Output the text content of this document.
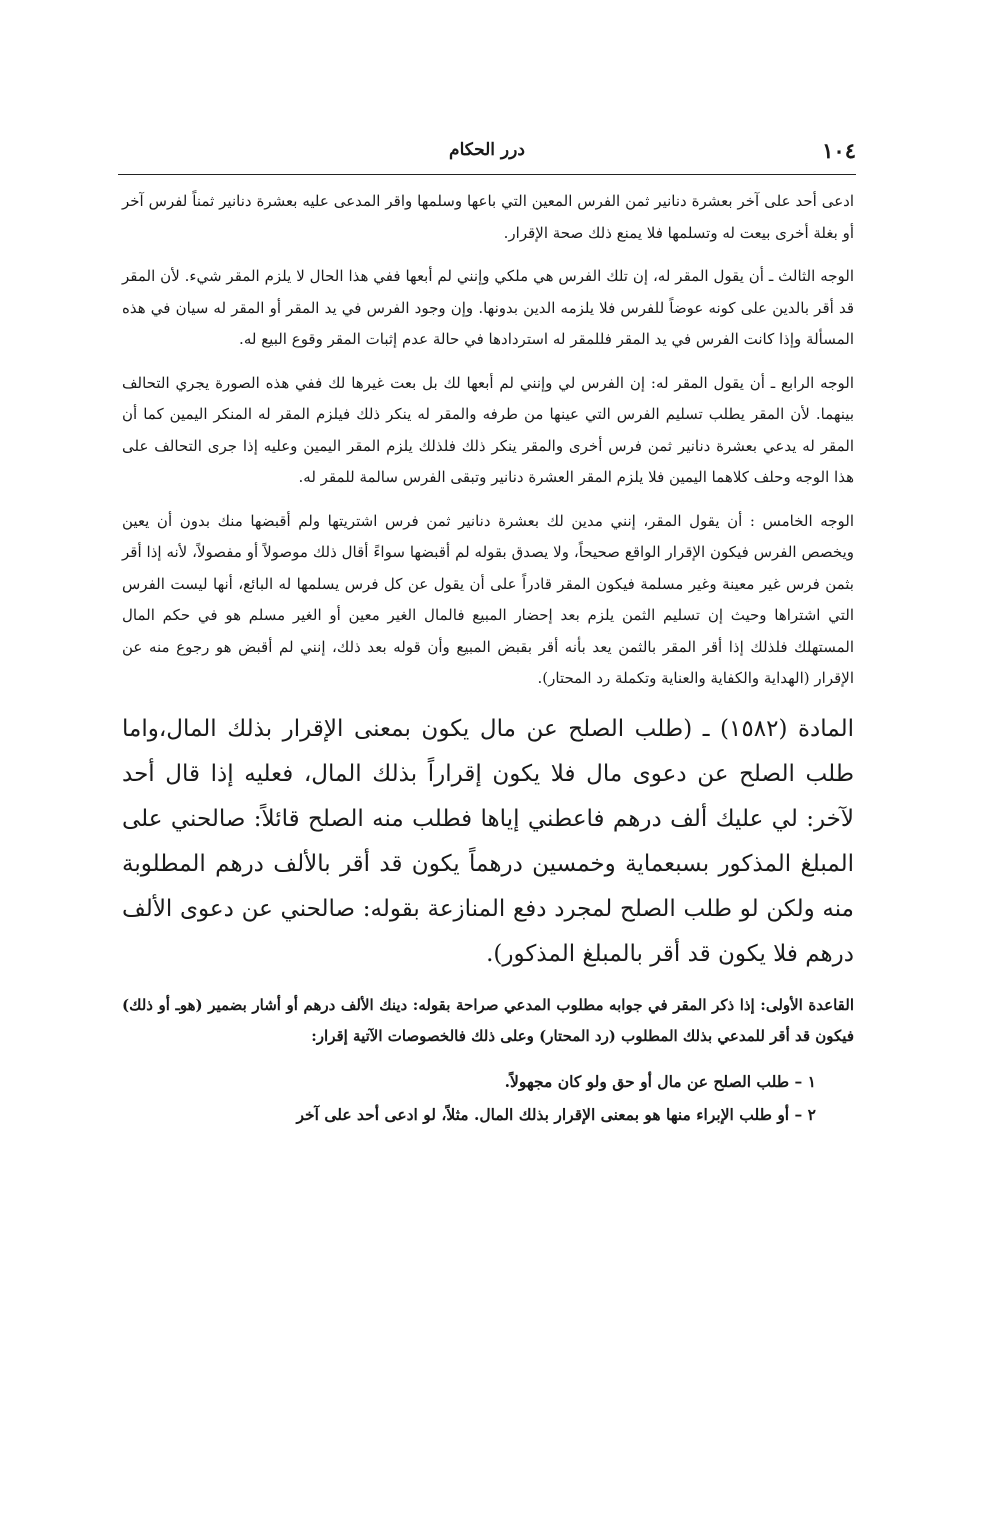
درر الحكام	١٠٤

ادعى أحد على آخر بعشرة دنانير ثمن الفرس المعين التي باعها وسلمها واقر المدعى عليه بعشرة دنانير ثمناً لفرس آخر أو بغلة أخرى بيعت له وتسلمها فلا يمنع ذلك صحة الإقرار.

الوجه الثالث ـ أن يقول المقر له، إن تلك الفرس هي ملكي وإنني لم أبعها ففي هذا الحال لا يلزم المقر شيء. لأن المقر قد أقر بالدين على كونه عوضاً للفرس فلا يلزمه الدين بدونها. وإن وجود الفرس في يد المقر أو المقر له سيان في هذه المسألة وإذا كانت الفرس في يد المقر فللمقر له استردادها في حالة عدم إثبات المقر وقوع البيع له.

الوجه الرابع ـ أن يقول المقر له: إن الفرس لي وإنني لم أبعها لك بل بعت غيرها لك ففي هذه الصورة يجري التحالف بينهما. لأن المقر يطلب تسليم الفرس التي عينها من طرفه والمقر له ينكر ذلك فيلزم المقر له المنكر اليمين كما أن المقر له يدعي بعشرة دنانير ثمن فرس أخرى والمقر ينكر ذلك فلذلك يلزم المقر اليمين وعليه إذا جرى التحالف على هذا الوجه وحلف كلاهما اليمين فلا يلزم المقر العشرة دنانير وتبقى الفرس سالمة للمقر له.

الوجه الخامس : أن يقول المقر، إنني مدين لك بعشرة دنانير ثمن فرس اشتريتها ولم أقبضها منك بدون أن يعين ويخصص الفرس فيكون الإقرار الواقع صحيحاً، ولا يصدق بقوله لم أقبضها سواءً أقال ذلك موصولاً أو مفصولاً، لأنه إذا أقر بثمن فرس غير معينة وغير مسلمة فيكون المقر قادراً على أن يقول عن كل فرس يسلمها له البائع، أنها ليست الفرس التي اشتراها وحيث إن تسليم الثمن يلزم بعد إحضار المبيع فالمال الغير معين أو الغير مسلم هو في حكم المال المستهلك فلذلك إذا أقر المقر بالثمن يعد بأنه أقر بقبض المبيع وأن قوله بعد ذلك، إنني لم أقبض هو رجوع منه عن الإقرار (الهداية والكفاية والعناية وتكملة رد المحتار).

المادة (١٥٨٢) ـ (طلب الصلح عن مال يكون بمعنى الإقرار بذلك المال،واما طلب الصلح عن دعوى مال فلا يكون إقراراً بذلك المال، فعليه إذا قال أحد لآخر: لي عليك ألف درهم فاعطني إياها فطلب منه الصلح قائلاً: صالحني على المبلغ المذكور بسبعماية وخمسين درهماً يكون قد أقر بالألف درهم المطلوبة منه ولكن لو طلب الصلح لمجرد دفع المنازعة بقوله: صالحني عن دعوى الألف درهم فلا يكون قد أقر بالمبلغ المذكور).

القاعدة الأولى: إذا ذكر المقر في جوابه مطلوب المدعي صراحة بقوله: دينك الألف درهم أو أشار بضمير (هوـ أو ذلك) فيكون قد أقر للمدعي بذلك المطلوب (رد المحتار) وعلى ذلك فالخصوصات الآتية إقرار:

١ – طلب الصلح عن مال أو حق ولو كان مجهولاً.
٢ – أو طلب الإبراء منها هو بمعنى الإقرار بذلك المال. مثلاً، لو ادعى أحد على آخر
